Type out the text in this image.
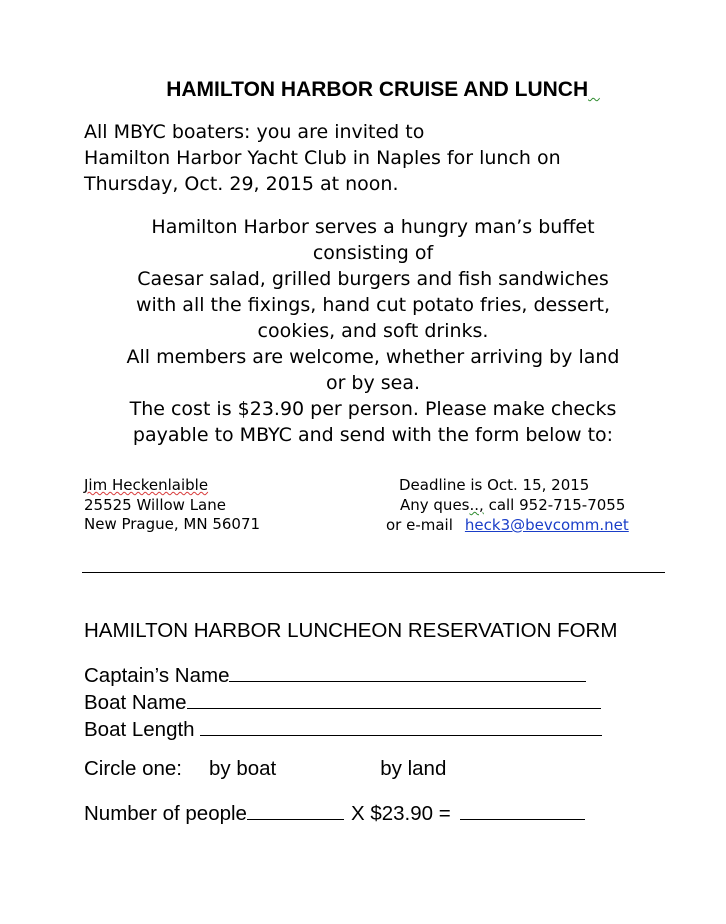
HAMILTON HARBOR CRUISE AND LUNCH
All MBYC boaters: you are invited to
Hamilton Harbor Yacht Club in Naples for lunch on
Thursday, Oct. 29, 2015 at noon.
Hamilton Harbor serves a hungry man’s buffet
consisting of
Caesar salad, grilled burgers and fish sandwiches
with all the fixings, hand cut potato fries, dessert,
cookies, and soft drinks.
All members are welcome, whether arriving by land
or by sea.
The cost is $23.90 per person. Please make checks
payable to MBYC and send with the form below to:
Jim Heckenlaible
25525 Willow Lane
New Prague, MN 56071
Deadline is Oct. 15, 2015
Any ques.., call 952-715-7055
or e-mail heck3@bevcomm.net
HAMILTON HARBOR LUNCHEON RESERVATION FORM
Captain’s Name
Boat Name
Boat Length
Circle one: by boat	by land
Number of people	X $23.90 =
